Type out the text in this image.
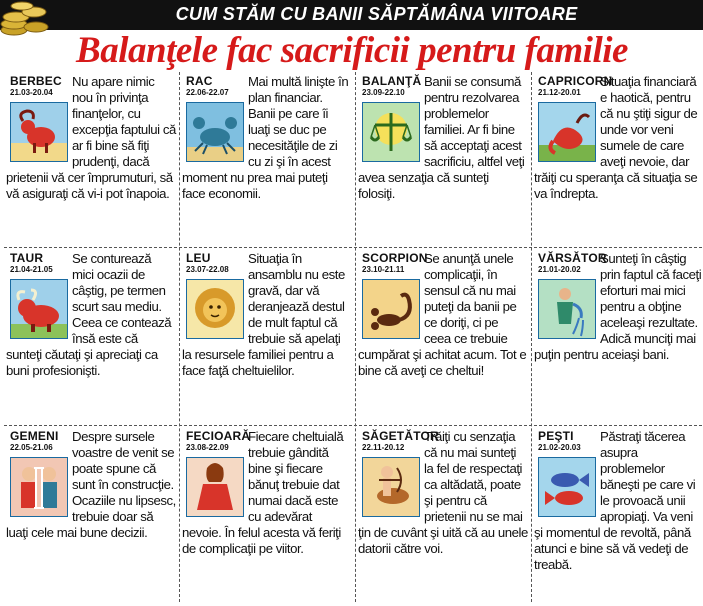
CUM STĂM CU BANII SĂPTĂMÂNA VIITOARE
Balanţele fac sacrificii pentru familie
Nu apare nimic nou în privinţa finanţelor, cu excepţia faptului că ar fi bine să fiţi prudenţi, dacă prietenii vă cer împrumuturi, să vă asiguraţi că vi-i pot înapoia.
BERBEC
21.03-20.04
Mai multă linişte în plan financiar. Banii pe care îi luaţi se duc pe necesităţile de zi cu zi şi în acest moment nu prea mai puteţi face economii.
RAC
22.06-22.07
Banii se consumă pentru rezolvarea problemelor familiei. Ar fi bine să acceptaţi acest sacrificiu, altfel veţi avea senzaţia că sunteţi folosiţi.
BALANŢĂ
23.09-22.10
Situaţia financiară e haotică, pentru că nu ştiţi sigur de unde vor veni sumele de care aveţi nevoie, dar trăiţi cu speranţa că situaţia se va îndrepta.
CAPRICORN
21.12-20.01
Se conturează mici ocazii de câştig, pe termen scurt sau mediu. Ceea ce contează însă este că sunteţi căutaţi şi apreciaţi ca buni profesionişti.
TAUR
21.04-21.05
Situaţia în ansamblu nu este gravă, dar vă deranjează destul de mult faptul că trebuie să apelaţi la resursele familiei pentru a face faţă cheltuielilor.
LEU
23.07-22.08
Se anunţă unele complicaţii, în sensul că nu mai puteţi da banii pe ce doriţi, ci pe ceea ce trebuie cumpărat şi achitat acum. Tot e bine că aveţi ce cheltui!
SCORPION
23.10-21.11
Sunteţi în câştig prin faptul că faceţi eforturi mai mici pentru a obţine aceleaşi rezultate. Adică munciţi mai puţin pentru aceiaşi bani.
VĂRSĂTOR
21.01-20.02
Despre sursele voastre de venit se poate spune că sunt în construcţie. Ocaziile nu lipsesc, trebuie doar să luaţi cele mai bune decizii.
GEMENI
22.05-21.06
Fiecare cheltuială trebuie gândită bine şi fiecare bănuţ trebuie dat numai dacă este cu adevărat nevoie. În felul acesta vă feriţi de complicaţii pe viitor.
FECIOARĂ
23.08-22.09
Trăiţi cu senzaţia că nu mai sunteţi la fel de respectaţi ca altădată, poate şi pentru că prietenii nu se mai ţin de cuvânt şi uită că au unele datorii către voi.
SĂGETĂTOR
22.11-20.12
Păstraţi tăcerea asupra problemelor băneşti pe care vi le provoacă unii apropiaţi. Va veni şi momentul de revoltă, până atunci e bine să vă vedeţi de treabă.
PEŞTI
21.02-20.03
